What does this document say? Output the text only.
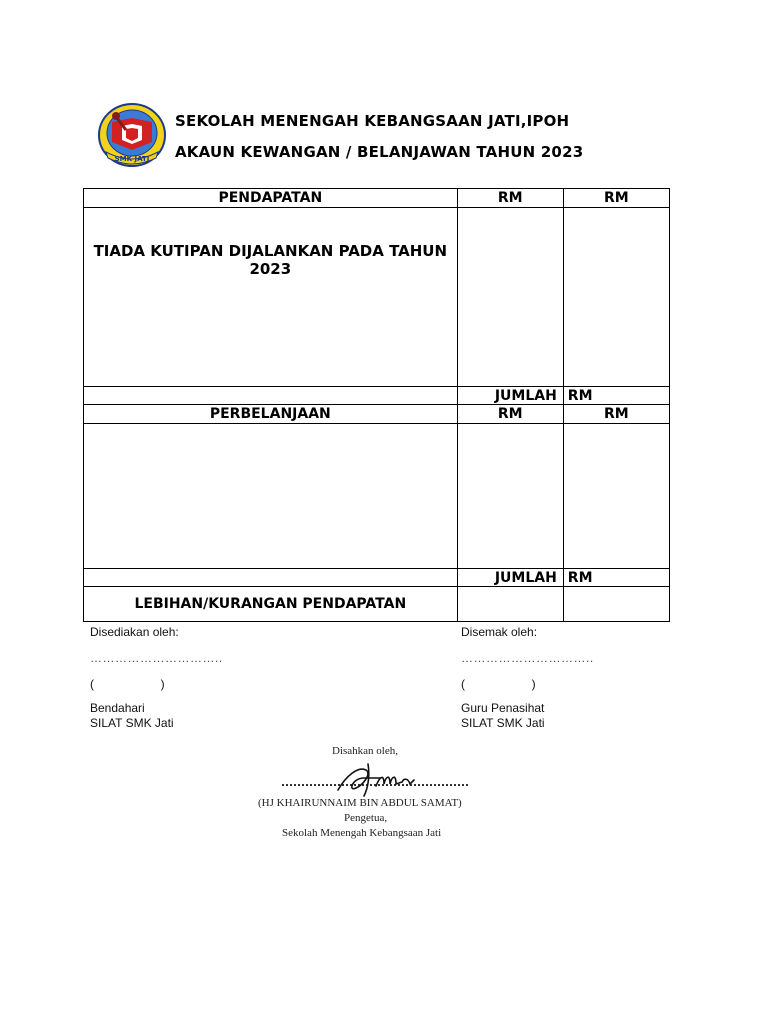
SMK JATI
SEKOLAH MENENGAH KEBANGSAAN JATI,IPOH
AKAUN KEWANGAN / BELANJAWAN TAHUN 2023
PENDAPATAN	RM	RM
TIADA KUTIPAN DIJALANKAN PADA TAHUN 2023		
	JUMLAH	RM
PERBELANJAAN	RM	RM

	JUMLAH	RM
LEBIHAN/KURANGAN PENDAPATAN		
Disediakan oleh:
…………………………..
(                    )
Bendahari
SILAT SMK Jati
Disemak oleh:
…………………………..
(                    )
Guru Penasihat
SILAT SMK Jati
Disahkan oleh,
(HJ KHAIRUNNAIM BIN ABDUL SAMAT)
Pengetua,
Sekolah Menengah Kebangsaan Jati
